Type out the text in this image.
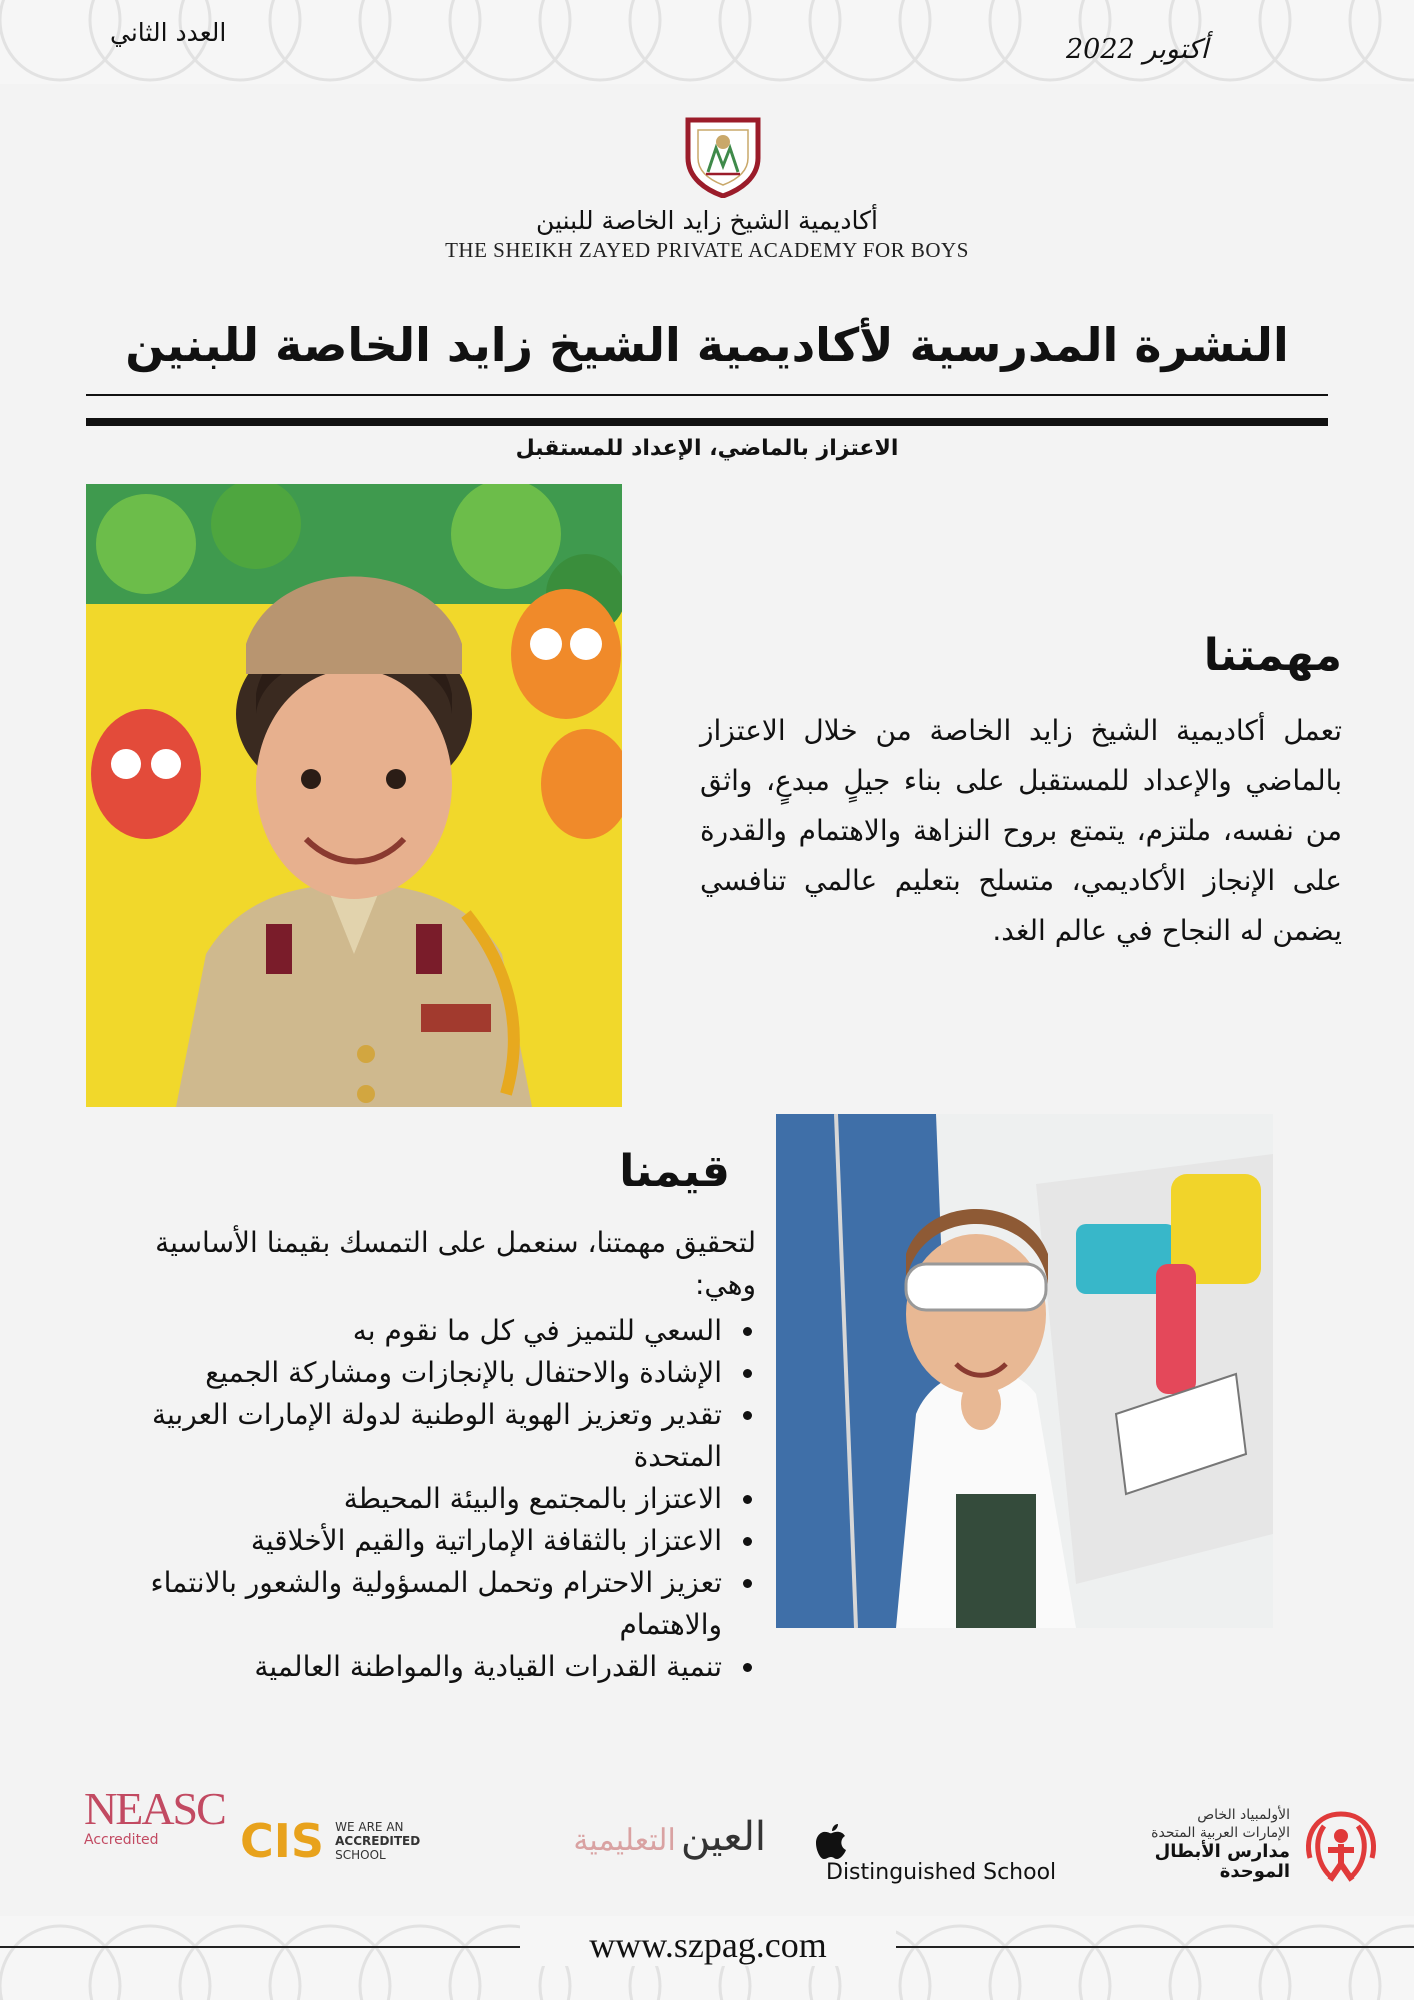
العدد الثاني
أكتوبر 2022
أكاديمية الشيخ زايد الخاصة للبنين
THE SHEIKH ZAYED PRIVATE ACADEMY FOR BOYS
النشرة المدرسية لأكاديمية الشيخ زايد الخاصة للبنين
الاعتزاز بالماضي، الإعداد للمستقبل
مهمتنا

تعمل أكاديمية الشيخ زايد الخاصة من خلال الاعتزاز بالماضي والإعداد للمستقبل على بناء جيلٍ مبدعٍ، واثق من نفسه، ملتزم، يتمتع بروح النزاهة والاهتمام والقدرة على الإنجاز الأكاديمي، متسلح بتعليم عالمي تنافسي يضمن له النجاح في عالم الغد.

قيمنا

لتحقيق مهمتنا، سنعمل على التمسك بقيمنا الأساسية وهي:

السعي للتميز في كل ما نقوم به
الإشادة والاحتفال بالإنجازات ومشاركة الجميع
تقدير وتعزيز الهوية الوطنية لدولة الإمارات العربية المتحدة
الاعتزاز بالمجتمع والبيئة المحيطة
الاعتزاز بالثقافة الإماراتية والقيم الأخلاقية
تعزيز الاحترام وتحمل المسؤولية والشعور بالانتماء والاهتمام
تنمية القدرات القيادية والمواطنة العالمية
NEASC
Accredited	CIS WE ARE AN
ACCREDITED
SCHOOL	العين التعليمية
Distinguished School
الأولمبياد الخاص
الإمارات العربية المتحدة
مدارس الأبطال
الموحدة
www.szpag.com
